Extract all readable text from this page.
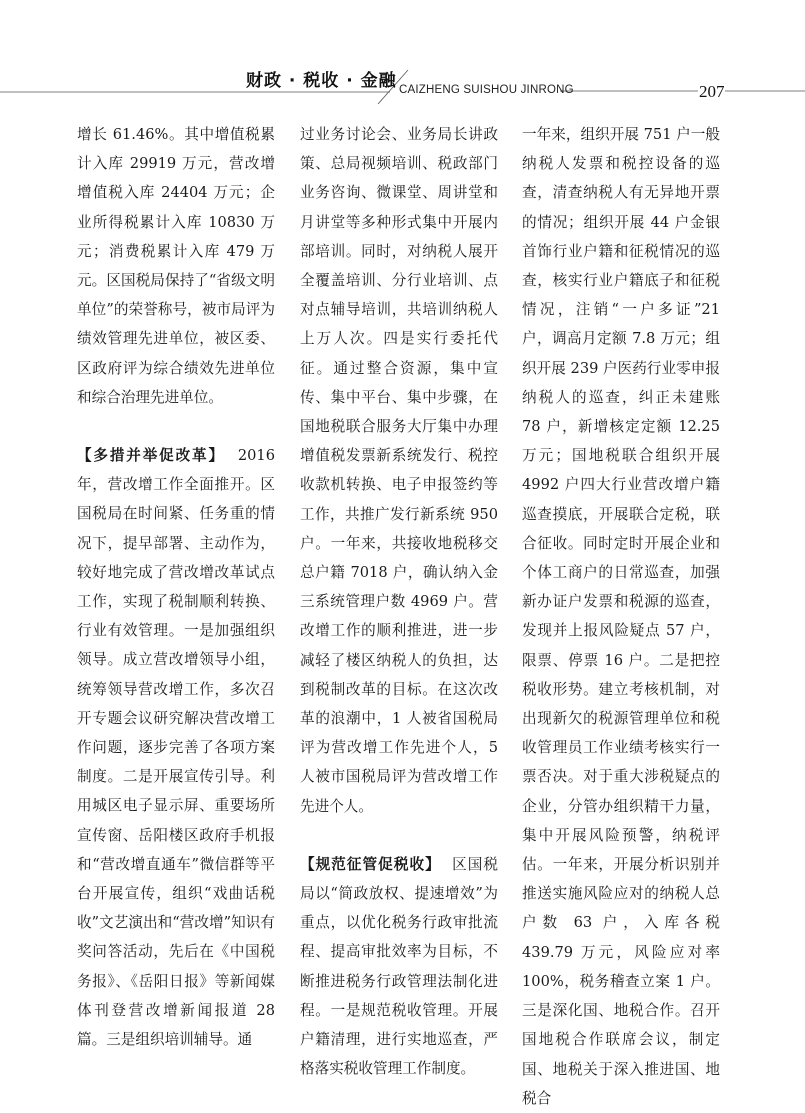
财政 · 税收 · 金融 CAIZHENG SUISHOU JINRONG	207

增长 61.46%。其中增值税累计入库 29919 万元，营改增增值税入库 24404 万元；企业所得税累计入库 10830 万元；消费税累计入库 479 万元。区国税局保持了“省级文明单位”的荣誉称号，被市局评为绩效管理先进单位，被区委、区政府评为综合绩效先进单位和综合治理先进单位。

【多措并举促改革】 2016 年，营改增工作全面推开。区国税局在时间紧、任务重的情况下，提早部署、主动作为，较好地完成了营改增改革试点工作，实现了税制顺利转换、行业有效管理。一是加强组织领导。成立营改增领导小组，统筹领导营改增工作，多次召开专题会议研究解决营改增工作问题，逐步完善了各项方案制度。二是开展宣传引导。利用城区电子显示屏、重要场所宣传窗、岳阳楼区政府手机报和“营改增直通车”微信群等平台开展宣传，组织“戏曲话税收”文艺演出和“营改增”知识有奖问答活动，先后在《中国税务报》、《岳阳日报》等新闻媒体刊登营改增新闻报道 28 篇。三是组织培训辅导。通

过业务讨论会、业务局长讲政策、总局视频培训、税政部门业务咨询、微课堂、周讲堂和月讲堂等多种形式集中开展内部培训。同时，对纳税人展开全覆盖培训、分行业培训、点对点辅导培训，共培训纳税人上万人次。四是实行委托代征。通过整合资源，集中宣传、集中平台、集中步骤，在国地税联合服务大厅集中办理增值税发票新系统发行、税控收款机转换、电子申报签约等工作，共推广发行新系统 950 户。一年来，共接收地税移交总户籍 7018 户，确认纳入金三系统管理户数 4969 户。营改增工作的顺利推进，进一步减轻了楼区纳税人的负担，达到税制改革的目标。在这次改革的浪潮中，1 人被省国税局评为营改增工作先进个人，5 人被市国税局评为营改增工作先进个人。

【规范征管促税收】 区国税局以“简政放权、提速增效”为重点，以优化税务行政审批流程、提高审批效率为目标，不断推进税务行政管理法制化进程。一是规范税收管理。开展户籍清理，进行实地巡查，严格落实税收管理工作制度。

一年来，组织开展 751 户一般纳税人发票和税控设备的巡查，清查纳税人有无异地开票的情况；组织开展 44 户金银首饰行业户籍和征税情况的巡查，核实行业户籍底子和征税情况，注销“一户多证”21 户，调高月定额 7.8 万元；组织开展 239 户医药行业零申报纳税人的巡查，纠正未建账 78 户，新增核定定额 12.25 万元；国地税联合组织开展 4992 户四大行业营改增户籍巡查摸底，开展联合定税，联合征收。同时定时开展企业和个体工商户的日常巡查，加强新办证户发票和税源的巡查，发现并上报风险疑点 57 户，限票、停票 16 户。二是把控税收形势。建立考核机制，对出现新欠的税源管理单位和税收管理员工作业绩考核实行一票否决。对于重大涉税疑点的企业，分管办组织精干力量，集中开展风险预警，纳税评估。一年来，开展分析识别并推送实施风险应对的纳税人总户数 63 户，入库各税 439.79 万元，风险应对率 100%，税务稽查立案 1 户。三是深化国、地税合作。召开国地税合作联席会议，制定国、地税关于深入推进国、地税合
